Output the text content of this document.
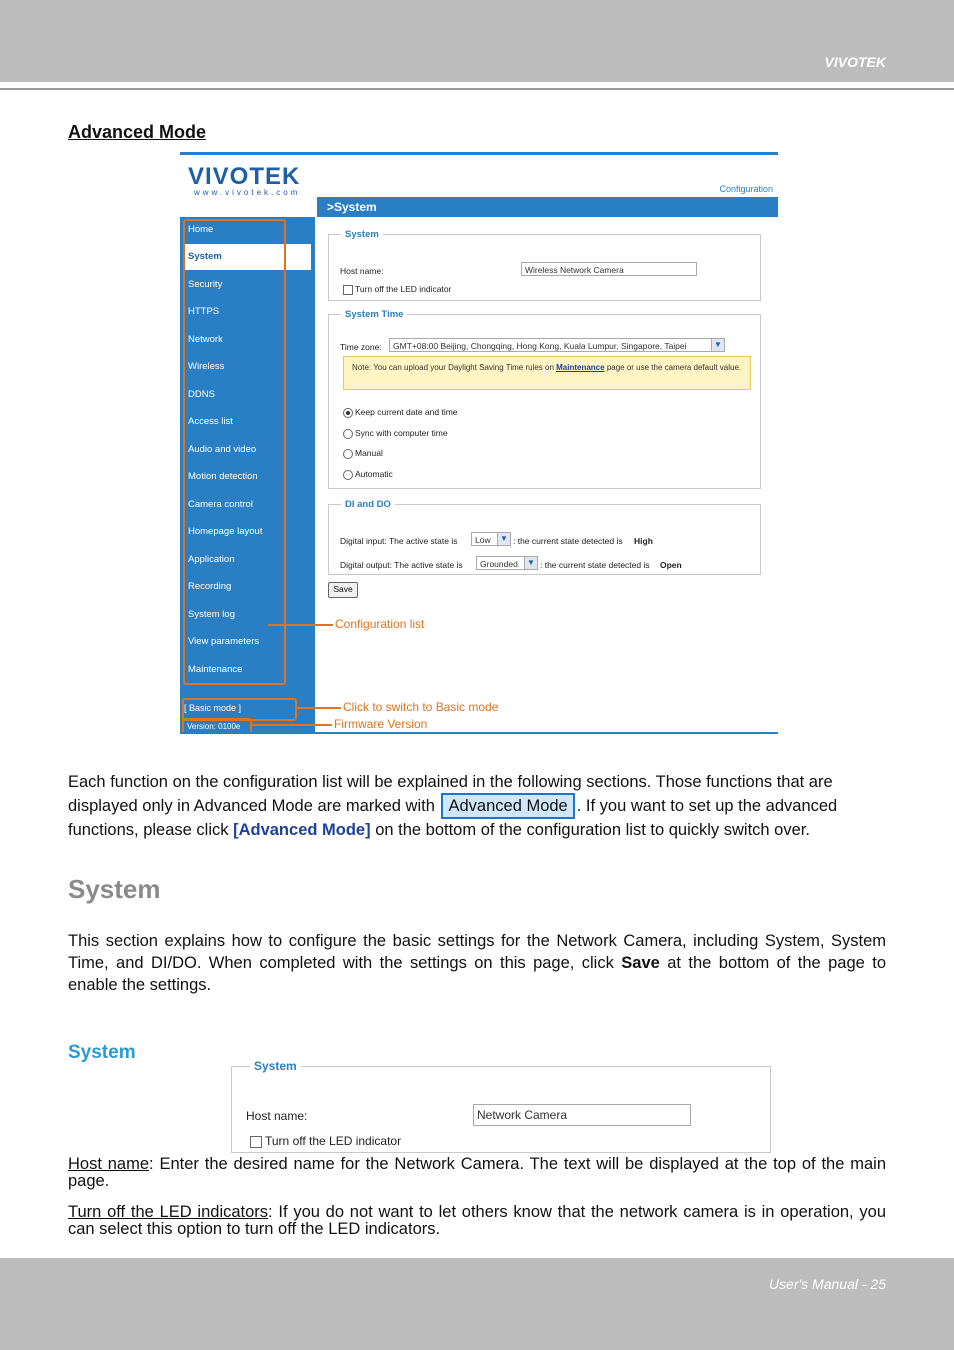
VIVOTEK
User's Manual - 25
Advanced Mode
VIVOTEK
www.vivotek.com	Configuration
Home
System
Security
HTTPS
Network
Wireless
DDNS
Access list
Audio and video
Motion detection
Camera control
Homepage layout
Application
Recording
System log
View parameters
Maintenance
[ Basic mode ]
Version: 0100e
>System
System
Host name:	Wireless Network Camera
Turn off the LED indicator
System Time
Time zone:	GMT+08:00 Beijing, Chongqing, Hong Kong, Kuala Lumpur, Singapore, Taipei	▼
Note: You can upload your Daylight Saving Time rules on Maintenance page or use the camera default value.
Keep current date and time
Sync with computer time
Manual
Automatic
DI and DO
Digital input: The active state is	Low	▼ : the current state detected is High
Digital output: The active state is	Grounded	▼ : the current state detected is Open
Save
Configuration list
Click to switch to Basic mode
Firmware Version

Each function on the configuration list will be explained in the following sections. Those functions that are displayed only in Advanced Mode are marked with Advanced Mode . If you want to set up the advanced functions, please click [Advanced Mode] on the bottom of the configuration list to quickly switch over.

System

This section explains how to configure the basic settings for the Network Camera, including System, System Time, and DI/DO. When completed with the settings on this page, click Save at the bottom of the page to enable the settings.

System
System
Host name:	Network Camera
Turn off the LED indicator

Host name: Enter the desired name for the Network Camera. The text will be displayed at the top of the main page.

Turn off the LED indicators: If you do not want to let others know that the network camera is in operation, you can select this option to turn off the LED indicators.
